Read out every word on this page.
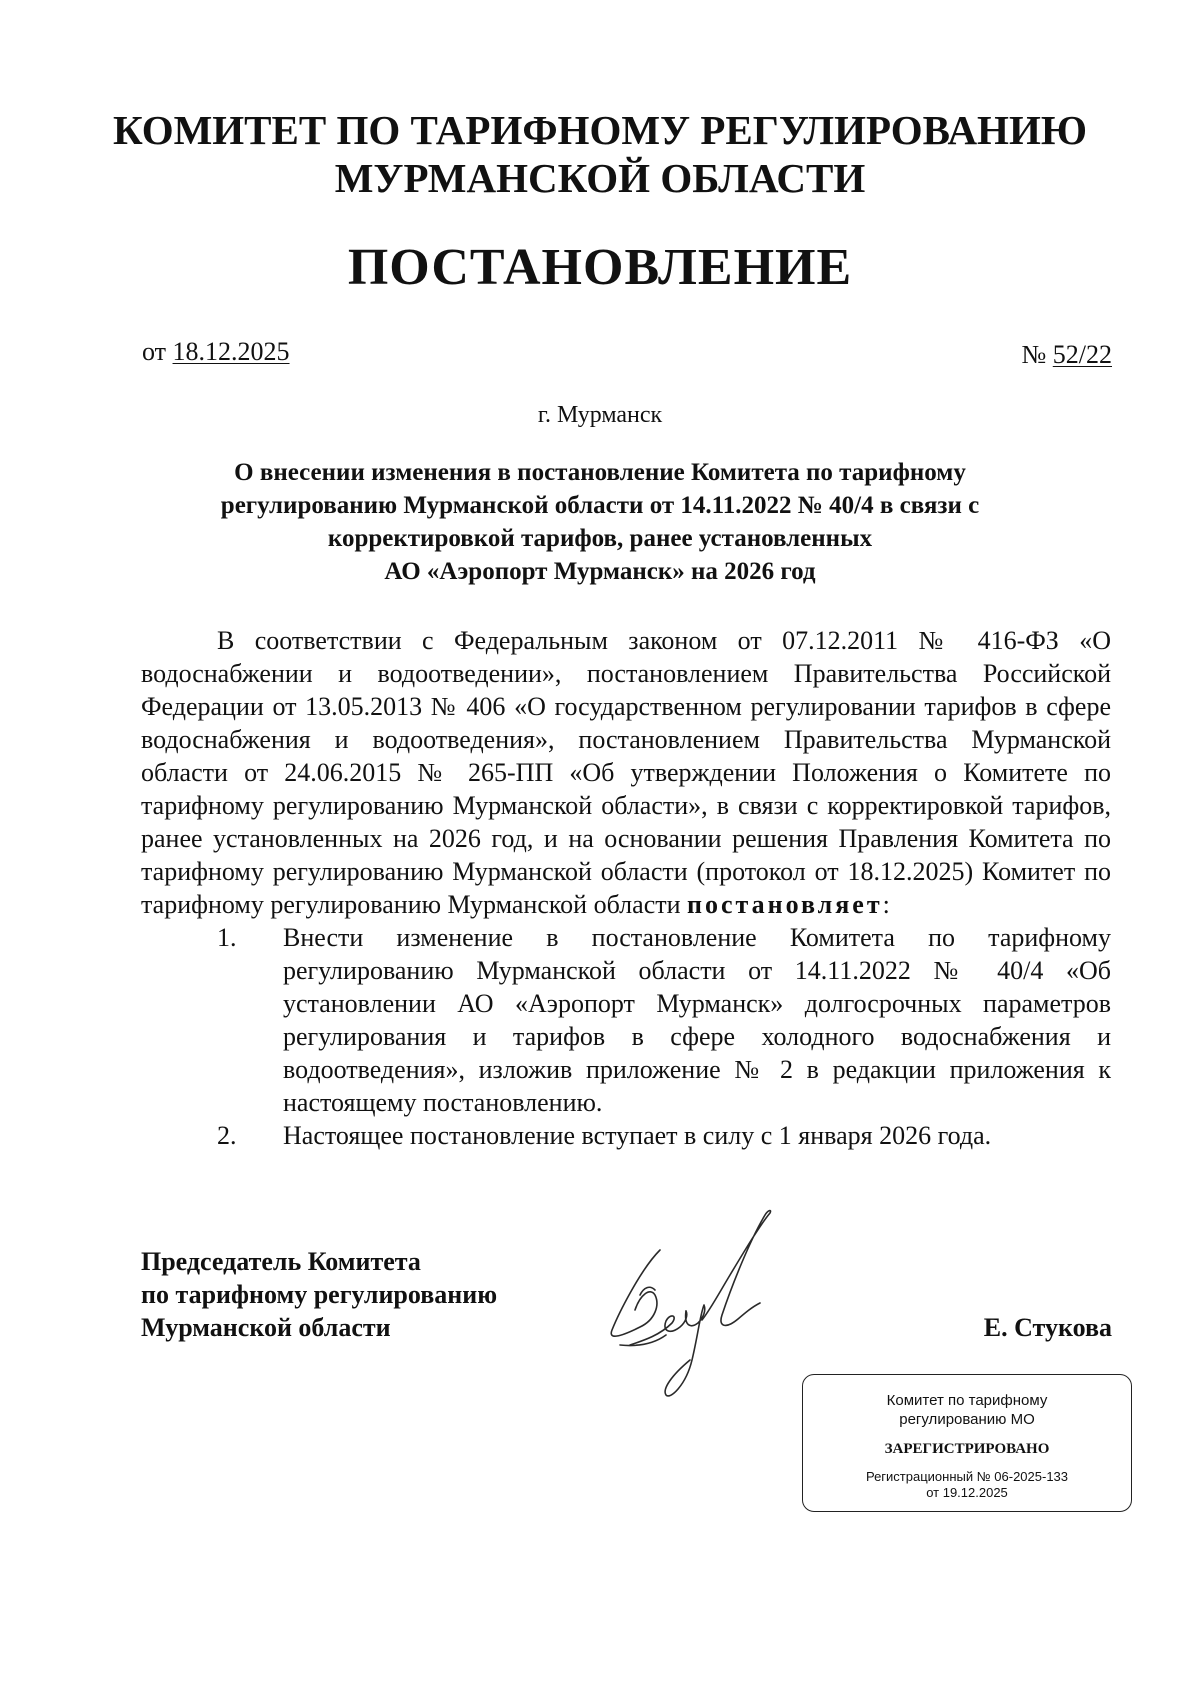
КОМИТЕТ ПО ТАРИФНОМУ РЕГУЛИРОВАНИЮ
МУРМАНСКОЙ ОБЛАСТИ
ПОСТАНОВЛЕНИЕ
от 18.12.2025	№ 52/22
г. Мурманск
О внесении изменения в постановление Комитета по тарифному
регулированию Мурманской области от 14.11.2022 № 40/4 в связи с
корректировкой тарифов, ранее установленных
АО «Аэропорт Мурманск» на 2026 год

В соответствии с Федеральным законом от 07.12.2011 № 416-ФЗ «О водоснабжении и водоотведении», постановлением Правительства Российской Федерации от 13.05.2013 № 406 «О государственном регулировании тарифов в сфере водоснабжения и водоотведения», постановлением Правительства Мурманской области от 24.06.2015 № 265-ПП «Об утверждении Положения о Комитете по тарифному регулированию Мурманской области», в связи с корректировкой тарифов, ранее установленных на 2026 год, и на основании решения Правления Комитета по тарифному регулированию Мурманской области (протокол от 18.12.2025) Комитет по тарифному регулированию Мурманской области постановляет:

1.	Внести изменение в постановление Комитета по тарифному регулированию Мурманской области от 14.11.2022 № 40/4 «Об установлении АО «Аэропорт Мурманск» долгосрочных параметров регулирования и тарифов в сфере холодного водоснабжения и водоотведения», изложив приложение № 2 в редакции приложения к настоящему постановлению.
2.	Настоящее постановление вступает в силу с 1 января 2026 года.
Председатель Комитета
по тарифному регулированию
Мурманской области	Е. Стукова
Комитет по тарифному
регулированию МО
ЗАРЕГИСТРИРОВАНО
Регистрационный № 06-2025-133
от 19.12.2025
